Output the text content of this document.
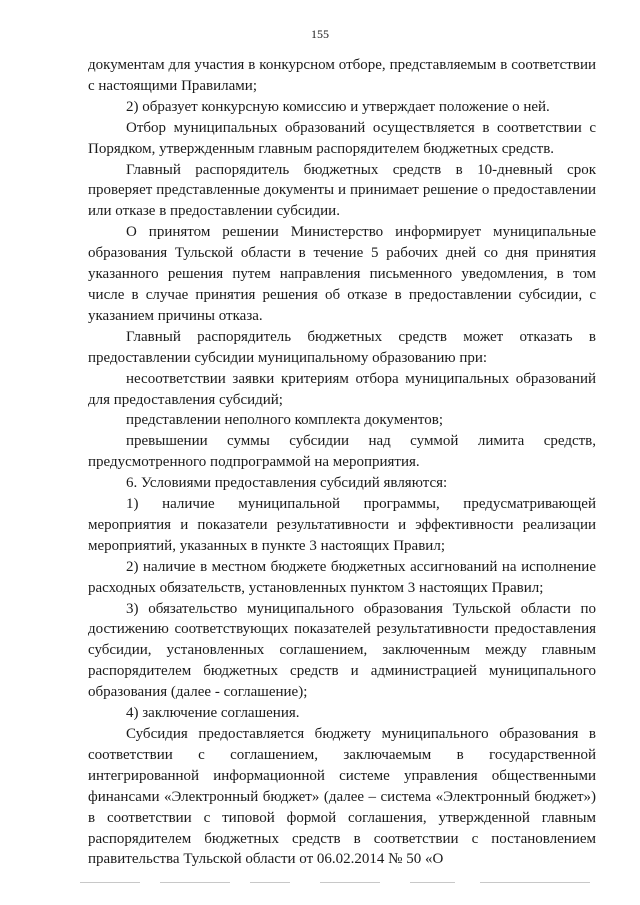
155

документам для участия в конкурсном отборе, представляемым в соответствии с настоящими Правилами;

2) образует конкурсную комиссию и утверждает положение о ней.

Отбор муниципальных образований осуществляется в соответствии с Порядком, утвержденным главным распорядителем бюджетных средств.

Главный распорядитель бюджетных средств в 10-дневный срок проверяет представленные документы и принимает решение о предоставлении или отказе в предоставлении субсидии.

О принятом решении Министерство информирует муниципальные образования Тульской области в течение 5 рабочих дней со дня принятия указанного решения путем направления письменного уведомления, в том числе в случае принятия решения об отказе в предоставлении субсидии, с указанием причины отказа.

Главный распорядитель бюджетных средств может отказать в предоставлении субсидии муниципальному образованию при:

несоответствии заявки критериям отбора муниципальных образований для предоставления субсидий;

представлении неполного комплекта документов;

превышении суммы субсидии над суммой лимита средств, предусмотренного подпрограммой на мероприятия.

6. Условиями предоставления субсидий являются:

1) наличие муниципальной программы, предусматривающей мероприятия и показатели результативности и эффективности реализации мероприятий, указанных в пункте 3 настоящих Правил;

2) наличие в местном бюджете бюджетных ассигнований на исполнение расходных обязательств, установленных пунктом 3 настоящих Правил;

3) обязательство муниципального образования Тульской области по достижению соответствующих показателей результативности предоставления субсидии, установленных соглашением, заключенным между главным распорядителем бюджетных средств и администрацией муниципального образования (далее - соглашение);

4) заключение соглашения.

Субсидия предоставляется бюджету муниципального образования в соответствии с соглашением, заключаемым в государственной интегрированной информационной системе управления общественными финансами «Электронный бюджет» (далее – система «Электронный бюджет») в соответствии с типовой формой соглашения, утвержденной главным распорядителем бюджетных средств в соответствии с постановлением правительства Тульской области от 06.02.2014 № 50 «О
